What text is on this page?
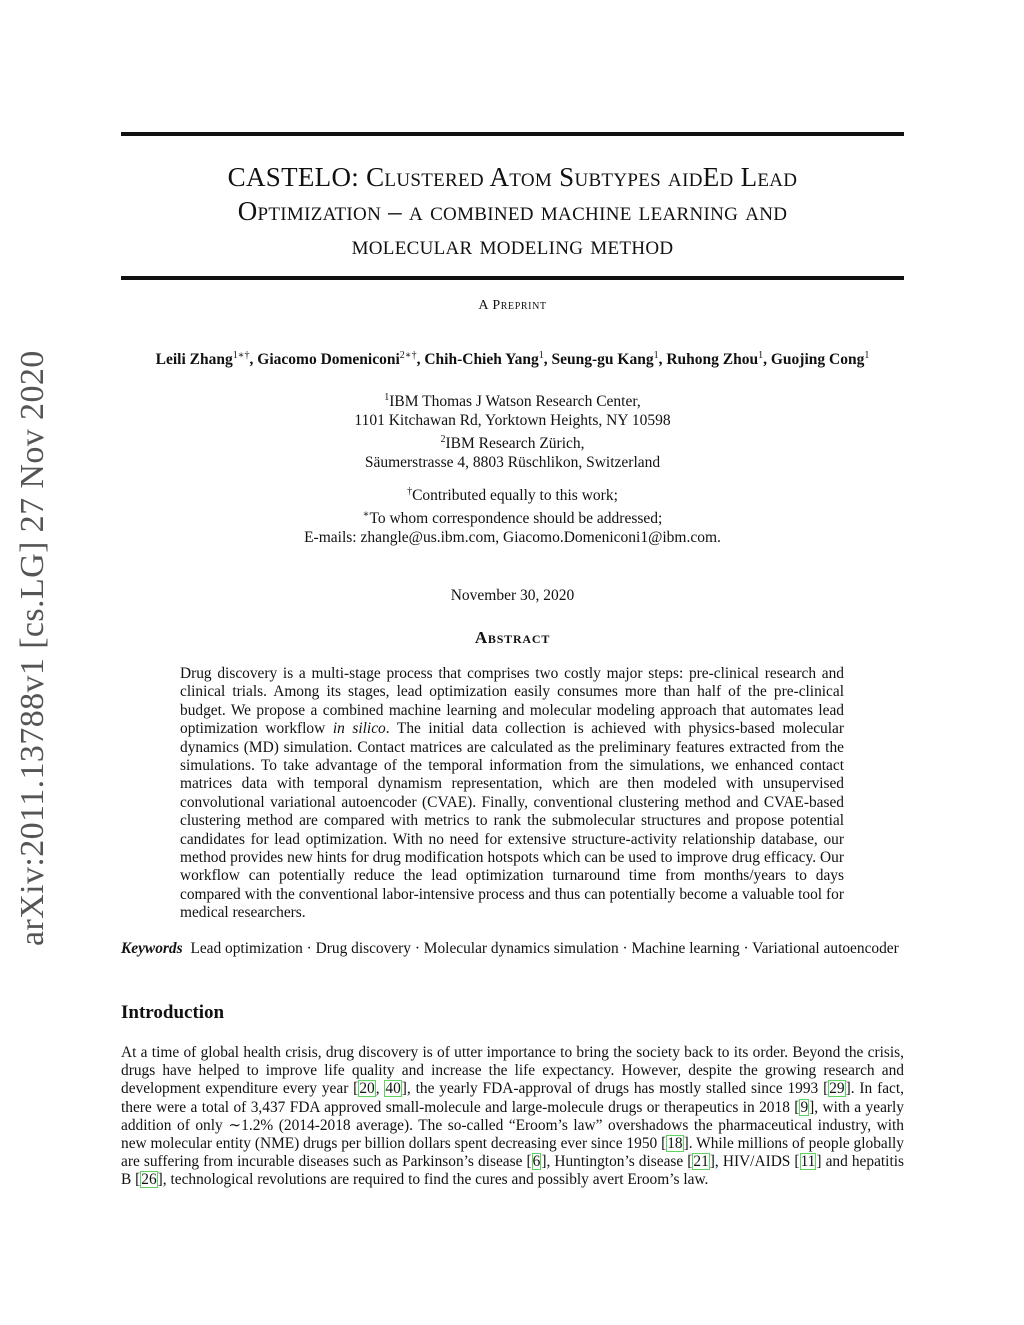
CASTELO: Clustered Atom Subtypes aidEd Lead
Optimization – a combined machine learning and
molecular modeling method
A Preprint
Leili Zhang$^{1∗\dagger}$, Giacomo Domeniconi$^{2∗\dagger}$, Chih-Chieh Yang$^1$, Seung-gu Kang$^1$, Ruhong Zhou$^1$, Guojing Cong$^1$
$^1$IBM Thomas J Watson Research Center,
1101 Kitchawan Rd, Yorktown Heights, NY 10598
$^2$IBM Research Zürich,
Säumerstrasse 4, 8803 Rüschlikon, Switzerland
†Contributed equally to this work;
∗To whom correspondence should be addressed;
E-mails: zhangle@us.ibm.com, Giacomo.Domeniconi1@ibm.com.
November 30, 2020
Abstract
Drug discovery is a multi-stage process that comprises two costly major steps: pre-clinical research and clinical trials. Among its stages, lead optimization easily consumes more than half of the pre-clinical budget. We propose a combined machine learning and molecular modeling approach that automates lead optimization workflow in silico. The initial data collection is achieved with physics-based molecular dynamics (MD) simulation. Contact matrices are calculated as the preliminary features extracted from the simulations. To take advantage of the temporal information from the simulations, we enhanced contact matrices data with temporal dynamism representation, which are then modeled with unsupervised convolutional variational autoencoder (CVAE). Finally, conventional clustering method and CVAE-based clustering method are compared with metrics to rank the submolecular structures and propose potential candidates for lead optimization. With no need for extensive structure-activity relationship database, our method provides new hints for drug modification hotspots which can be used to improve drug efficacy. Our workflow can potentially reduce the lead optimization turnaround time from months/years to days compared with the conventional labor-intensive process and thus can potentially become a valuable tool for medical researchers.
Keywords Lead optimization · Drug discovery · Molecular dynamics simulation · Machine learning · Variational autoencoder
Introduction
At a time of global health crisis, drug discovery is of utter importance to bring the society back to its order. Beyond the crisis, drugs have helped to improve life quality and increase the life expectancy. However, despite the growing research and development expenditure every year [20, 40], the yearly FDA-approval of drugs has mostly stalled since 1993 [29]. In fact, there were a total of 3,437 FDA approved small-molecule and large-molecule drugs or therapeutics in 2018 [9], with a yearly addition of only ∼1.2% (2014-2018 average). The so-called “Eroom’s law” overshadows the pharmaceutical industry, with new molecular entity (NME) drugs per billion dollars spent decreasing ever since 1950 [18]. While millions of people globally are suffering from incurable diseases such as Parkinson’s disease [6], Huntington’s disease [21], HIV/AIDS [11] and hepatitis B [26], technological revolutions are required to find the cures and possibly avert Eroom’s law.
arXiv:2011.13788v1 [cs.LG] 27 Nov 2020
